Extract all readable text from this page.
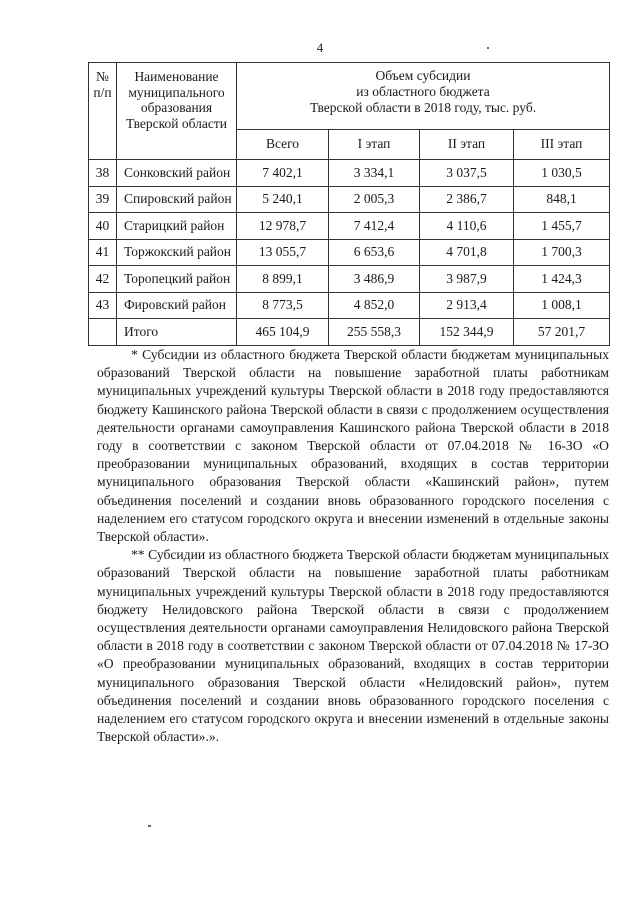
4
№
п/п	Наименование
муниципального
образования
Тверской области	Объем субсидии
из областного бюджета
Тверской области в 2018 году, тыс. руб.			

		Всего	I этап	II этап	III этап
38	Сонковский район	7 402,1	3 334,1	3 037,5	1 030,5
39	Спировский район	5 240,1	2 005,3	2 386,7	848,1
40	Старицкий район	12 978,7	7 412,4	4 110,6	1 455,7
41	Торжокский район	13 055,7	6 653,6	4 701,8	1 700,3
42	Торопецкий район	8 899,1	3 486,9	3 987,9	1 424,3
43	Фировский район	8 773,5	4 852,0	2 913,4	1 008,1
	Итого	465 104,9	255 558,3	152 344,9	57 201,7

* Субсидии из областного бюджета Тверской области бюджетам муниципальных образований Тверской области на повышение заработной платы работникам муниципальных учреждений культуры Тверской области в 2018 году предоставляются бюджету Кашинского района Тверской области в связи с продолжением осуществления деятельности органами самоуправления Кашинского района Тверской области в 2018 году в соответствии с законом Тверской области от 07.04.2018 № 16-ЗО «О преобразовании муниципальных образований, входящих в состав территории муниципального образования Тверской области «Кашинский район», путем объединения поселений и создании вновь образованного городского поселения с наделением его статусом городского округа и внесении изменений в отдельные законы Тверской области».

** Субсидии из областного бюджета Тверской области бюджетам муниципальных образований Тверской области на повышение заработной платы работникам муниципальных учреждений культуры Тверской области в 2018 году предоставляются бюджету Нелидовского района Тверской области в связи с продолжением осуществления деятельности органами самоуправления Нелидовского района Тверской области в 2018 году в соответствии с законом Тверской области от 07.04.2018 № 17-ЗО «О преобразовании муниципальных образований, входящих в состав территории муниципального образования Тверской области «Нелидовский район», путем объединения поселений и создании вновь образованного городского поселения с наделением его статусом городского округа и внесении изменений в отдельные законы Тверской области».».
